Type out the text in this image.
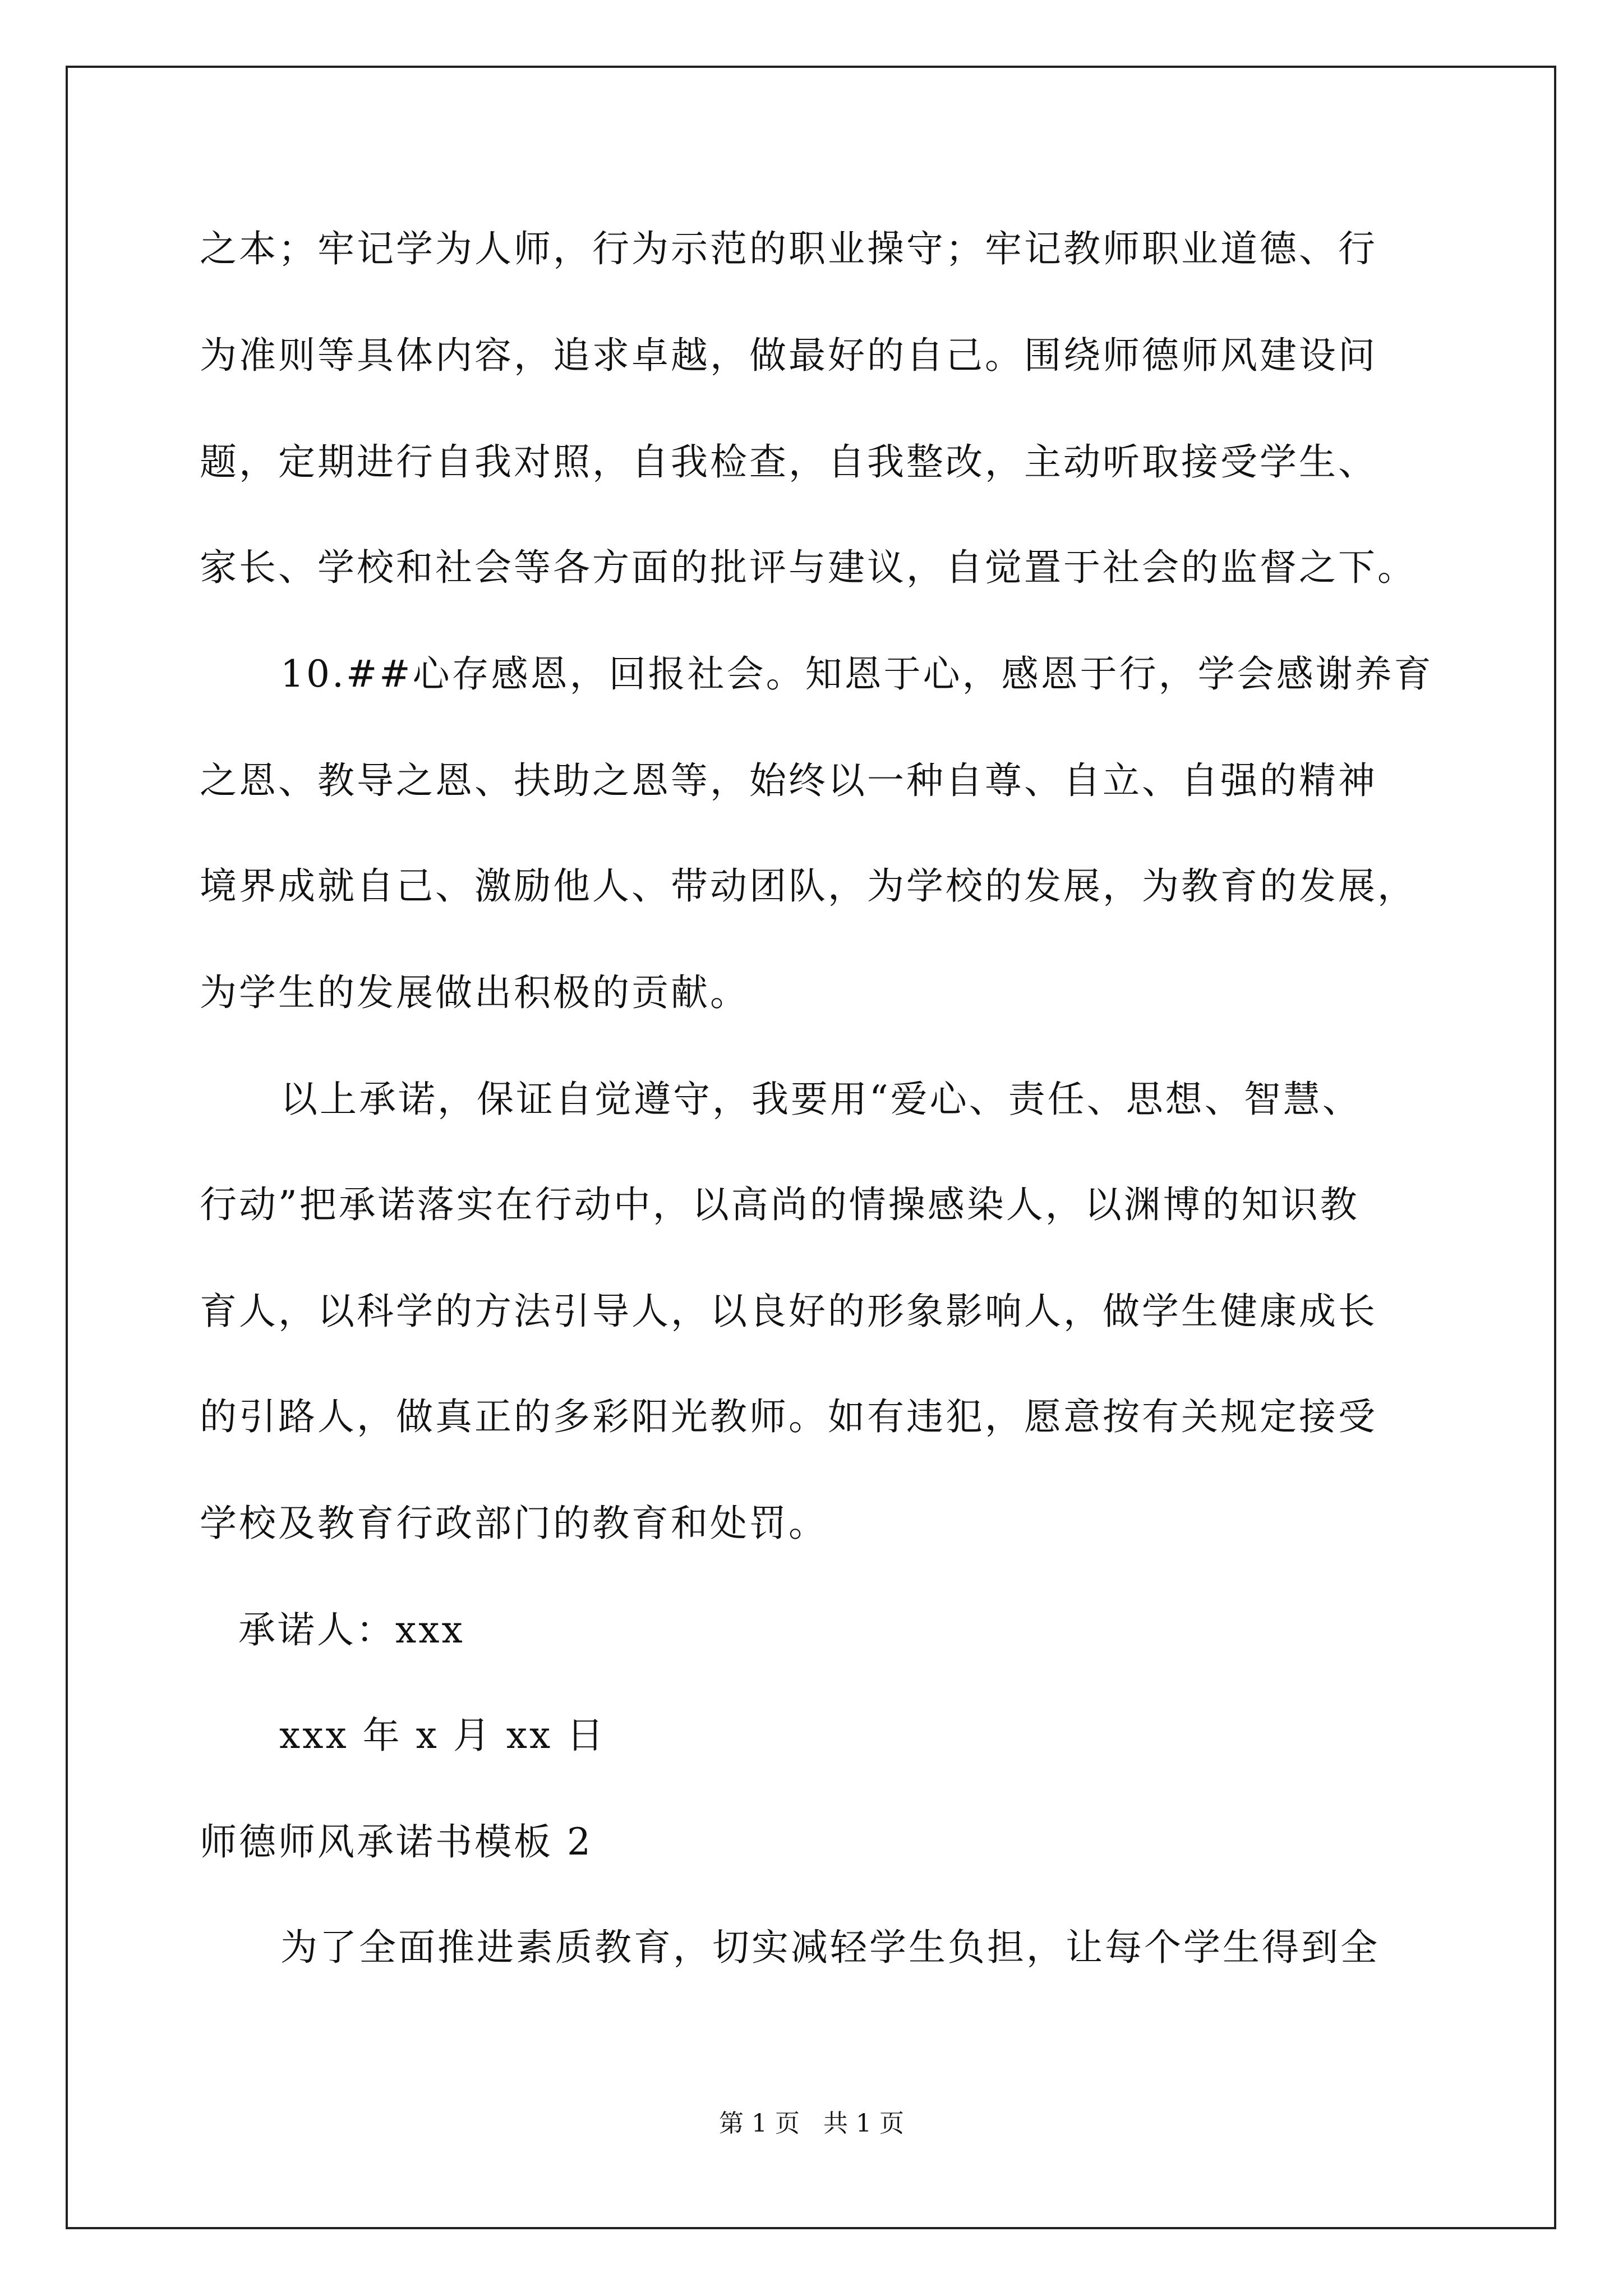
之本；牢记学为人师，行为示范的职业操守；牢记教师职业道德、行
为准则等具体内容，追求卓越，做最好的自己。围绕师德师风建设问
题，定期进行自我对照，自我检查，自我整改，主动听取接受学生、
家长、学校和社会等各方面的批评与建议，自觉置于社会的监督之下。
10.##心存感恩，回报社会。知恩于心，感恩于行，学会感谢养育
之恩、教导之恩、扶助之恩等，始终以一种自尊、自立、自强的精神
境界成就自己、激励他人、带动团队，为学校的发展，为教育的发展，
为学生的发展做出积极的贡献。
以上承诺，保证自觉遵守，我要用“爱心、责任、思想、智慧、
行动”把承诺落实在行动中，以高尚的情操感染人，以渊博的知识教
育人，以科学的方法引导人，以良好的形象影响人，做学生健康成长
的引路人，做真正的多彩阳光教师。如有违犯，愿意按有关规定接受
学校及教育行政部门的教育和处罚。
承诺人：xxx
xxx 年 x 月 xx 日
师德师风承诺书模板 2
为了全面推进素质教育，切实减轻学生负担，让每个学生得到全
第 1 页   共 1 页
